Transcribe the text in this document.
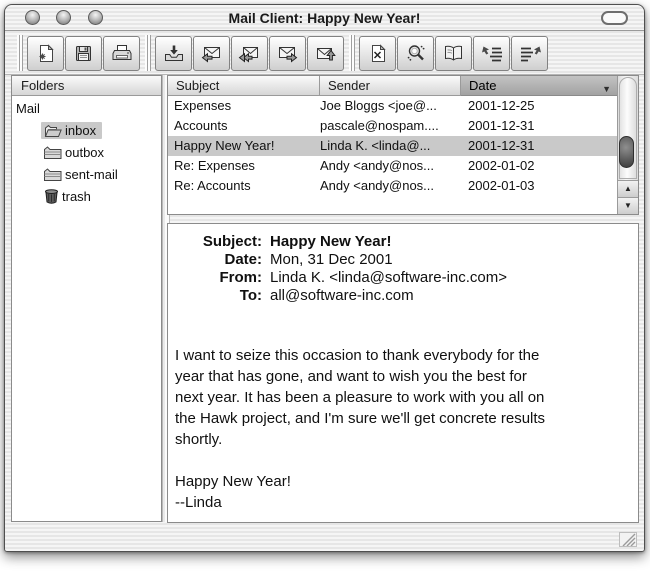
Mail Client: Happy New Year!
Folders
Mail
inbox
outbox
sent-mail
trash
Subject	Sender	Date	▼
Expenses	Joe Bloggs <joe@...	2001-12-25
Accounts	pascale@nospam....	2001-12-31
Happy New Year!	Linda K. <linda@...	2001-12-31
Re: Expenses	Andy <andy@nos...	2002-01-02
Re: Accounts	Andy <andy@nos...	2002-01-03	▲
▼
Subject: Happy New Year!
Date: Mon, 31 Dec 2001
From: Linda K. <linda@software-inc.com>
To: all@software-inc.com
I want to seize this occasion to thank everybody for the
year that has gone, and want to wish you the best for
next year. It has been a pleasure to work with you all on
the Hawk project, and I'm sure we'll get concrete results
shortly.
Happy New Year!
--Linda
